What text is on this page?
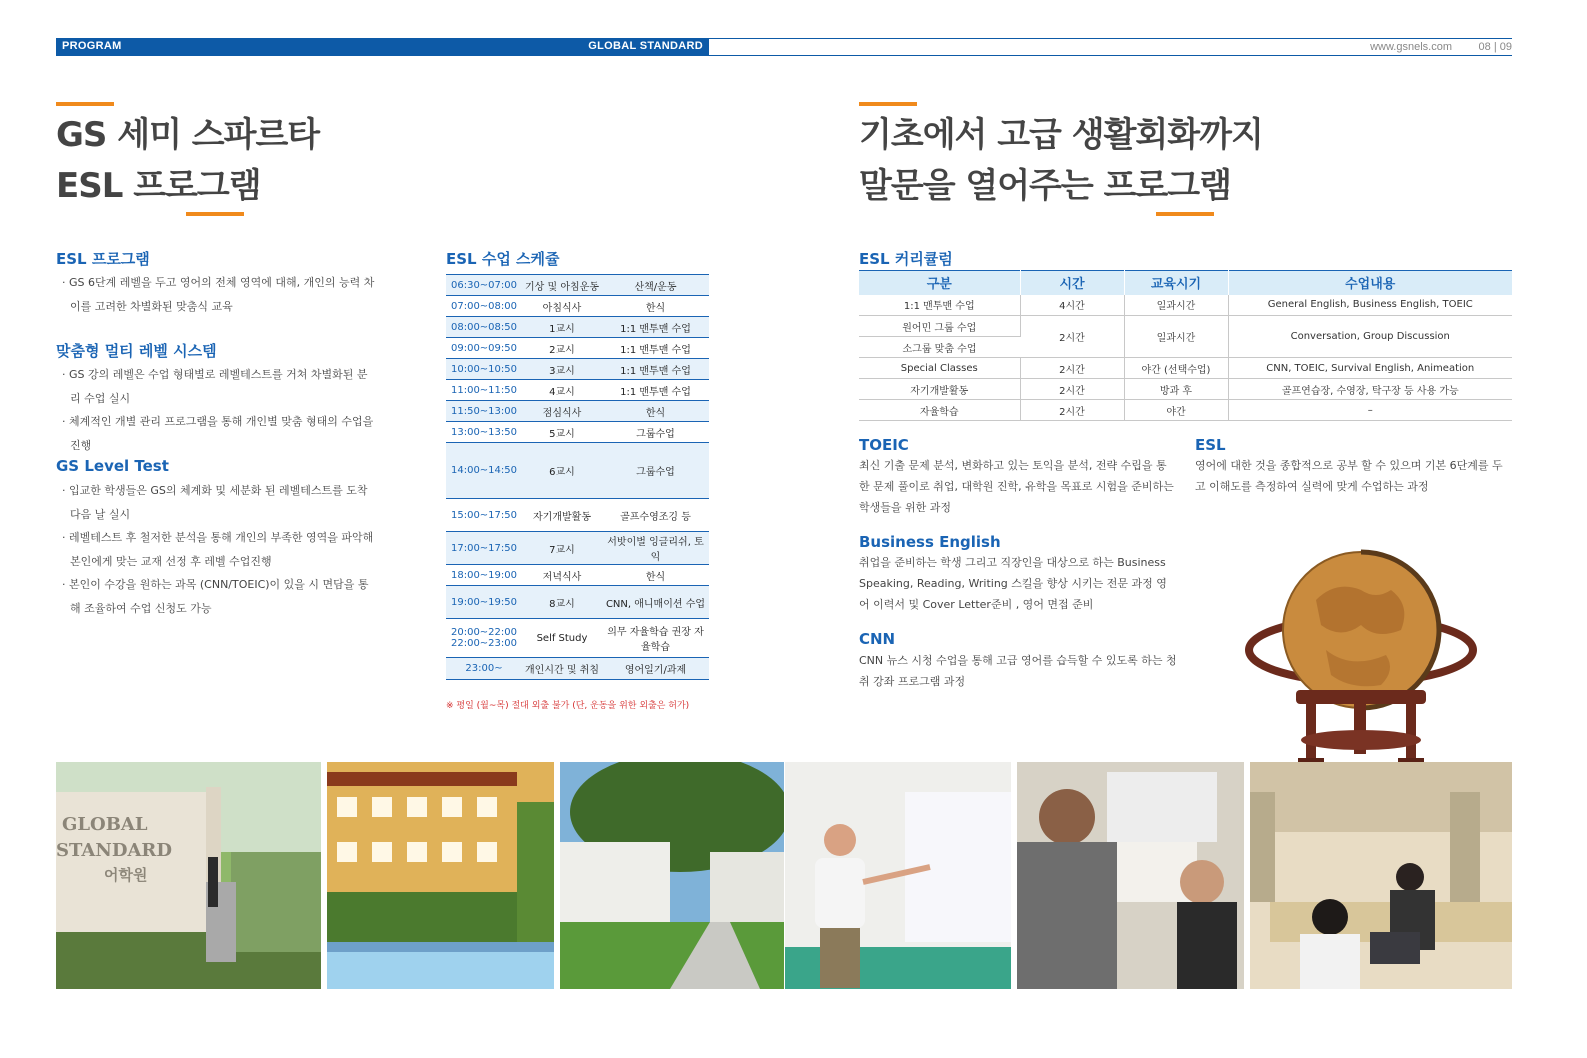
PROGRAM	GLOBAL STANDARD	www.gsnels.com 08 | 09
GS 세미 스파르타
ESL 프로그램
기초에서 고급 생활회화까지
말문을 열어주는 프로그램
ESL 프로그램
· GS 6단계 레벨을 두고 영어의 전체 영역에 대해, 개인의 능력 차이를 고려한 차별화된 맞춤식 교육
맞춤형 멀티 레벨 시스템
· GS 강의 레벨은 수업 형태별로 레벨테스트를 거쳐 차별화된 분리 수업 실시
· 체계적인 개별 관리 프로그램을 통해 개인별 맞춤 형태의 수업을 진행
GS Level Test
· 입교한 학생들은 GS의 체계화 및 세분화 된 레벨테스트를 도착 다음 날 실시
· 레벨테스트 후 철저한 분석을 통해 개인의 부족한 영역을 파악해 본인에게 맞는 교재 선정 후 레벨 수업진행
· 본인이 수강을 원하는 과목 (CNN/TOEIC)이 있을 시 면담을 통해 조율하여 수업 신청도 가능
ESL 수업 스케쥴
06:30~07:00	기상 및 아침운동	산책/운동
07:00~08:00	아침식사	한식
08:00~08:50	1교시	1:1 맨투맨 수업
09:00~09:50	2교시	1:1 맨투맨 수업
10:00~10:50	3교시	1:1 맨투맨 수업
11:00~11:50	4교시	1:1 맨투맨 수업
11:50~13:00	점심식사	한식
13:00~13:50	5교시	그룹수업
14:00~14:50	6교시	그룹수업
15:00~17:50	자기개발활동	골프수영조깅 등
17:00~17:50	7교시	서밧이벌 잉글리쉬, 토익
18:00~19:00	저녁식사	한식
19:00~19:50	8교시	CNN, 애니매이션 수업
20:00~22:00 22:00~23:00	Self Study	의무 자율학습 권장 자율학습
23:00~	개인시간 및 취침	영어일기/과제
※ 평일 (월~목) 절대 외출 불가 (단, 운동을 위한 외출은 허가)
ESL 커리큘럼
구분	시간	교육시기	수업내용
1:1 맨투맨 수업	4시간	일과시간	General English, Business English, TOEIC
원어민 그룹 수업	2시간	일과시간	Conversation, Group Discussion
소그룹 맞춤 수업			
Special Classes	2시간	야간 (선택수업)	CNN, TOEIC, Survival English, Animeation
자기개발활동	2시간	방과 후	골프연습장, 수영장, 탁구장 등 사용 가능
자율학습	2시간	야간	–
TOEIC
최신 기출 문제 분석, 변화하고 있는 토익을 분석, 전략 수립을 통한 문제 풀이로 취업, 대학원 진학, 유학을 목표로 시험을 준비하는 학생들을 위한 과정
ESL
영어에 대한 것을 종합적으로 공부 할 수 있으며 기본 6단계를 두고 이해도를 측정하여 실력에 맞게 수업하는 과정
Business English
취업을 준비하는 학생 그리고 직장인을 대상으로 하는 Business Speaking, Reading, Writing 스킬을 향상 시키는 전문 과정 영어 이력서 및 Cover Letter준비 , 영어 면접 준비
CNN
CNN 뉴스 시청 수업을 통해 고급 영어를 습득할 수 있도록 하는 청취 강좌 프로그램 과정
GLOBAL
STANDARD
어학원
